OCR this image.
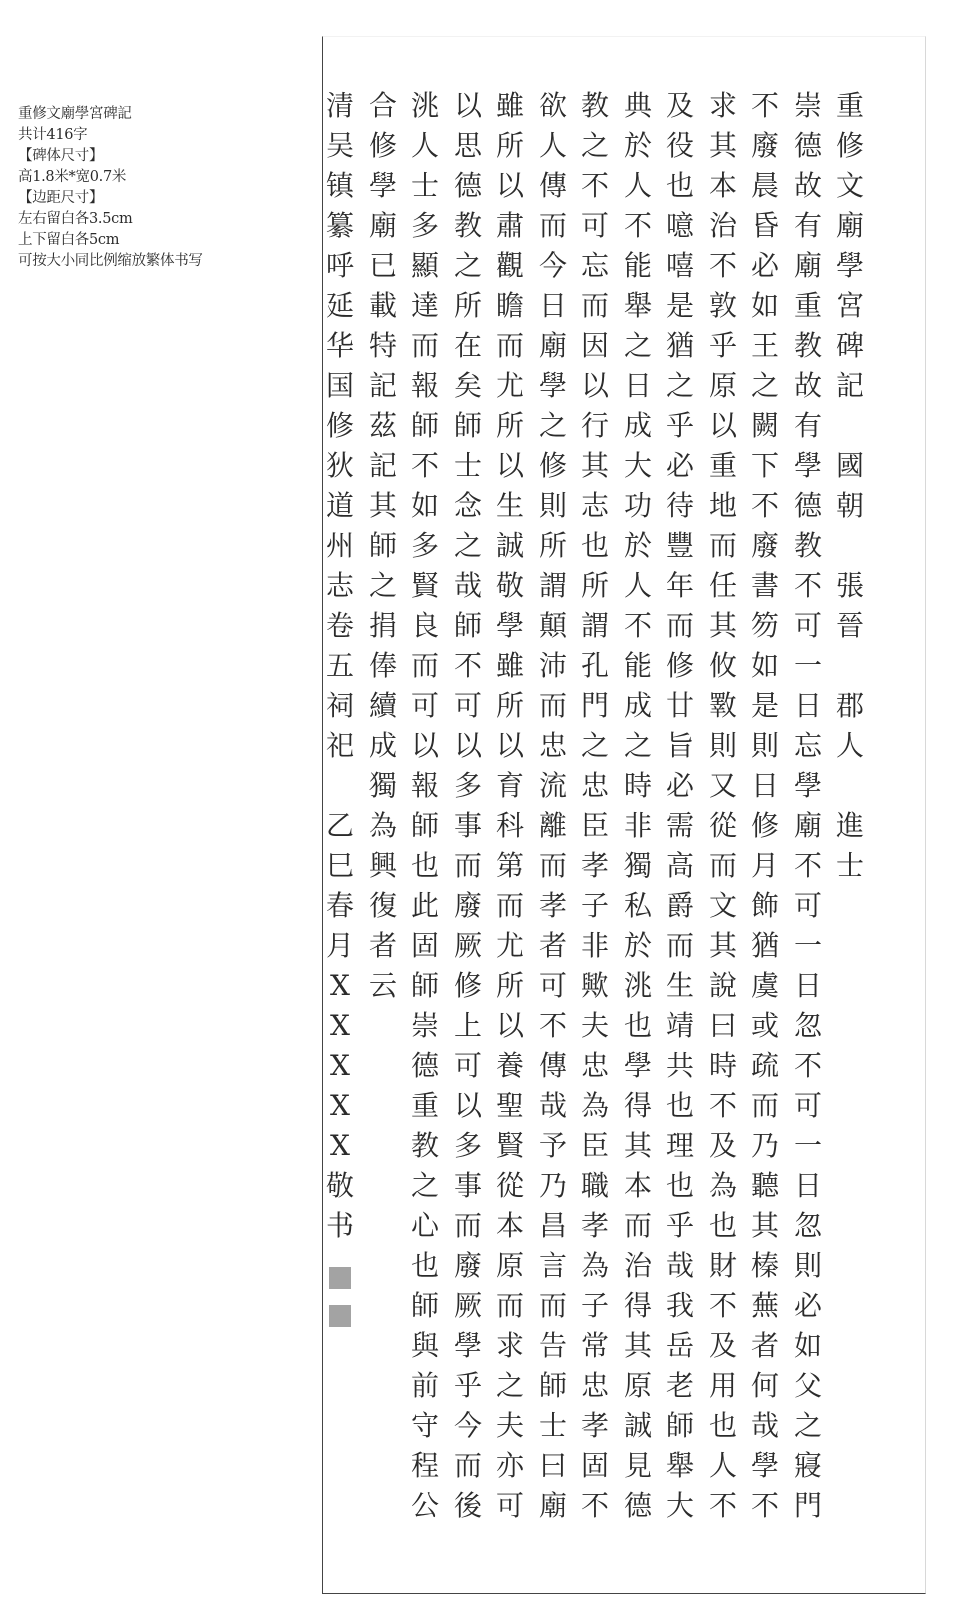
重修文廟學宮碑記
共计416字
【碑体尺寸】
高1.8米*宽0.7米
【边距尺寸】
左右留白各3.5cm
上下留白各5cm
可按大小同比例缩放繁体书写
重
修
文
廟
學
宮
碑
記
國
朝
張
晉
郡
人
進
士
崇
德
故
有
廟
重
教
故
有
學
德
教
不
可
一
日
忘
學
廟
不
可
一
日
忽
不
可
一
日
忽
則
必
如
父
之
寢
門
不
廢
晨
昏
必
如
王
之
闕
下
不
廢
書
笏
如
是
則
日
修
月
飾
猶
虞
或
疏
而
乃
聽
其
榛
蕪
者
何
哉
學
不
求
其
本
治
不
敦
乎
原
以
重
地
而
任
其
攸
斁
則
又
從
而
文
其
說
曰
時
不
及
為
也
財
不
及
用
也
人
不
及
役
也
噫
嘻
是
猶
之
乎
必
待
豐
年
而
修
廿
旨
必
需
高
爵
而
生
靖
共
也
理
也
乎
哉
我
岳
老
師
舉
大
典
於
人
不
能
舉
之
日
成
大
功
於
人
不
能
成
之
時
非
獨
私
於
洮
也
學
得
其
本
而
治
得
其
原
誠
見
德
教
之
不
可
忘
而
因
以
行
其
志
也
所
謂
孔
門
之
忠
臣
孝
子
非
歟
夫
忠
為
臣
職
孝
為
子
常
忠
孝
固
不
欲
人
傳
而
今
日
廟
學
之
修
則
所
謂
顛
沛
而
忠
流
離
而
孝
者
可
不
傳
哉
予
乃
昌
言
而
告
師
士
曰
廟
雖
所
以
肅
觀
瞻
而
尤
所
以
生
誠
敬
學
雖
所
以
育
科
第
而
尤
所
以
養
聖
賢
從
本
原
而
求
之
夫
亦
可
以
思
德
教
之
所
在
矣
師
士
念
之
哉
師
不
可
以
多
事
而
廢
厥
修
上
可
以
多
事
而
廢
厥
學
乎
今
而
後
洮
人
士
多
顯
達
而
報
師
不
如
多
賢
良
而
可
以
報
師
也
此
固
師
崇
德
重
教
之
心
也
師
與
前
守
程
公
合
修
學
廟
已
載
特
記
茲
記
其
師
之
捐
俸
續
成
獨
為
興
復
者
云
清
吴
镇
纂
呼
延
华
国
修
狄
道
州
志
卷
五
祠
祀
乙
巳
春
月
X
X
X
X
X
敬
书
